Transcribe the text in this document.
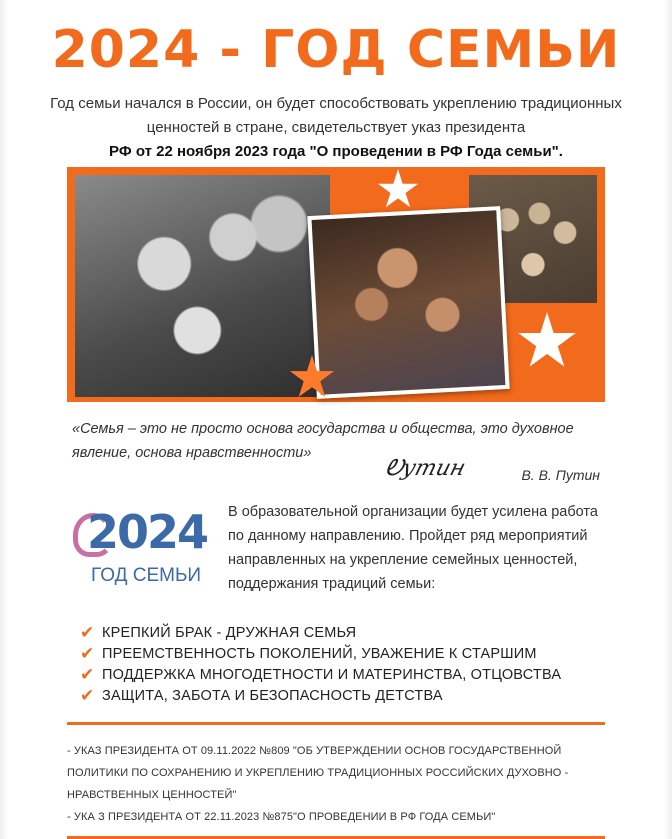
2024 - ГОД СЕМЬИ
Год семьи начался в России, он будет способствовать укреплению традиционных ценностей в стране, свидетельствует указ президента
РФ от 22 ноября 2023 года "О проведении в РФ Года семьи".
«Семья – это не просто основа государства и общества, это духовное явление, основа нравственности»
Ꭷутин	В. В. Путин
2024
ГОД СЕМЬИ
В образовательной организации будет усилена работа по данному направлению. Пройдет ряд мероприятий направленных на укрепление семейных ценностей, поддержания традиций семьи:
✔ КРЕПКИЙ БРАК - ДРУЖНАЯ СЕМЬЯ
✔ ПРЕЕМСТВЕННОСТЬ ПОКОЛЕНИЙ, УВАЖЕНИЕ К СТАРШИМ
✔ ПОДДЕРЖКА МНОГОДЕТНОСТИ И МАТЕРИНСТВА, ОТЦОВСТВА
✔ ЗАЩИТА, ЗАБОТА И БЕЗОПАСНОСТЬ ДЕТСТВА
- УКАЗ ПРЕЗИДЕНТА ОТ 09.11.2022 №809 "ОБ УТВЕРЖДЕНИИ ОСНОВ ГОСУДАРСТВЕННОЙ ПОЛИТИКИ ПО СОХРАНЕНИЮ И УКРЕПЛЕНИЮ ТРАДИЦИОННЫХ РОССИЙСКИХ ДУХОВНО - НРАВСТВЕННЫХ ЦЕННОСТЕЙ"
- УКА З ПРЕЗИДЕНТА ОТ 22.11.2023 №875"О ПРОВЕДЕНИИ В РФ ГОДА СЕМЬИ"
